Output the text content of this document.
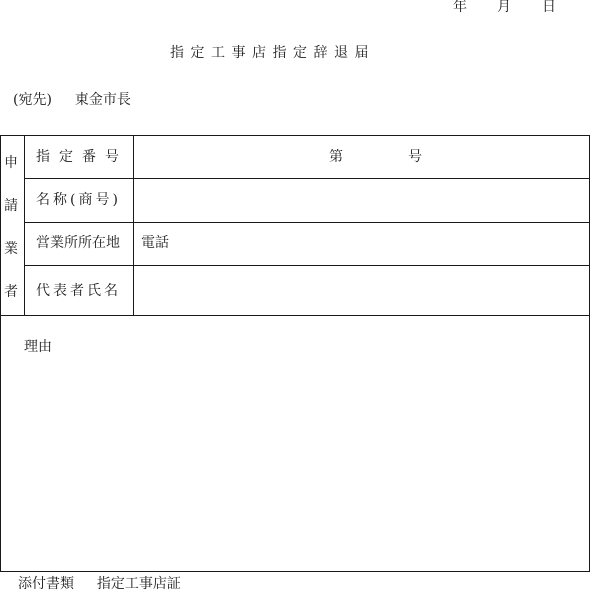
年 月 日
指定工事店指定辞退届
(宛先) 東金市長
申
請
業
者
指定番号	第	号
名称(商号)
営業所所在地 電話
代表者氏名
理由
添付書類 指定工事店証
